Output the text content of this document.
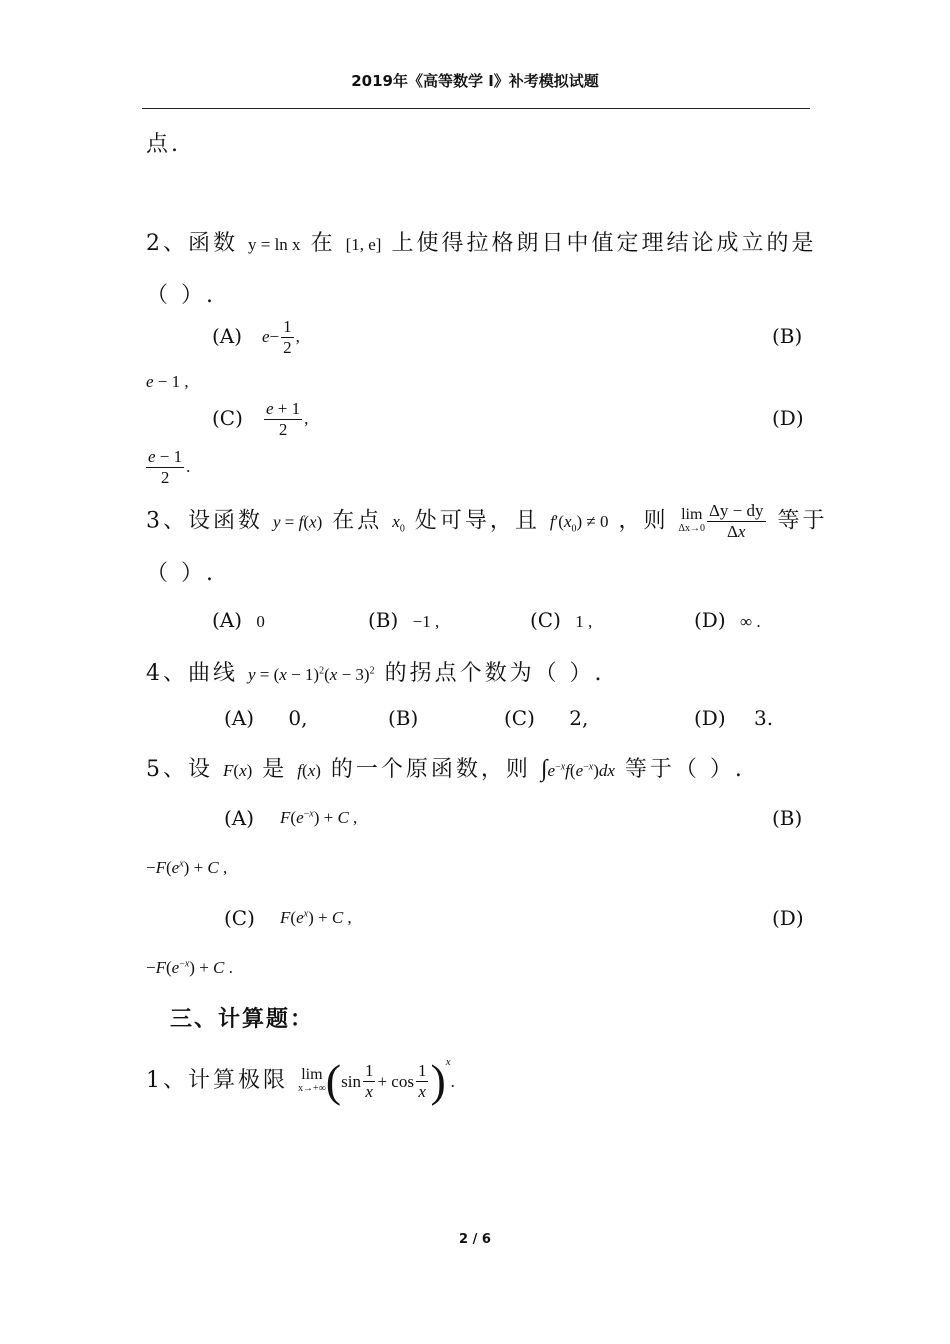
2019年《高等数学 I》补考模拟试题
点.
2、函数 y = ln x 在 [1, e] 上使得拉格朗日中值定理结论成立的是
（ ）.
(A) $e- \frac{1}{2}$ ,	(B)
e − 1 ,
$(C) \frac{e + 1}{2}$ ,	(D)
$\frac{e - 1}{2}$ .
3、设函数 y = f(x) 在点 $x_0$ 处可导，且 $f'(x_0) \ne 0$ ，则 lim
$\Delta x\to 0 \frac{\Delta y - dy}{\Delta x}$ 等于
（ ）.
(A) 0	(B) −1 ,	(C) 1 ,	(D) ∞ .
4、曲线 $y = (x - 1)^2(x - 3)^2$ 的拐点个数为（ ）.
(A) 0,	(B)	(C) 2,	(D) 3.
5、设 F(x) 是 f(x) 的一个原函数，则 $\int e^{-x}f(e^{-x})dx$ 等于（ ）.
(A) $F(e^{-x}) + C$ ,	(B)
$-F(e^x) + C$ ,
(C) $F(e^x) + C$ ,	(D)
$-F(e^{-x}) + C$ .
三、计算题：
1、计算极限 lim
x→+∞ $(\sin \frac{1}{x} + \cos \frac{1}{x} )^x$.
2 / 6
